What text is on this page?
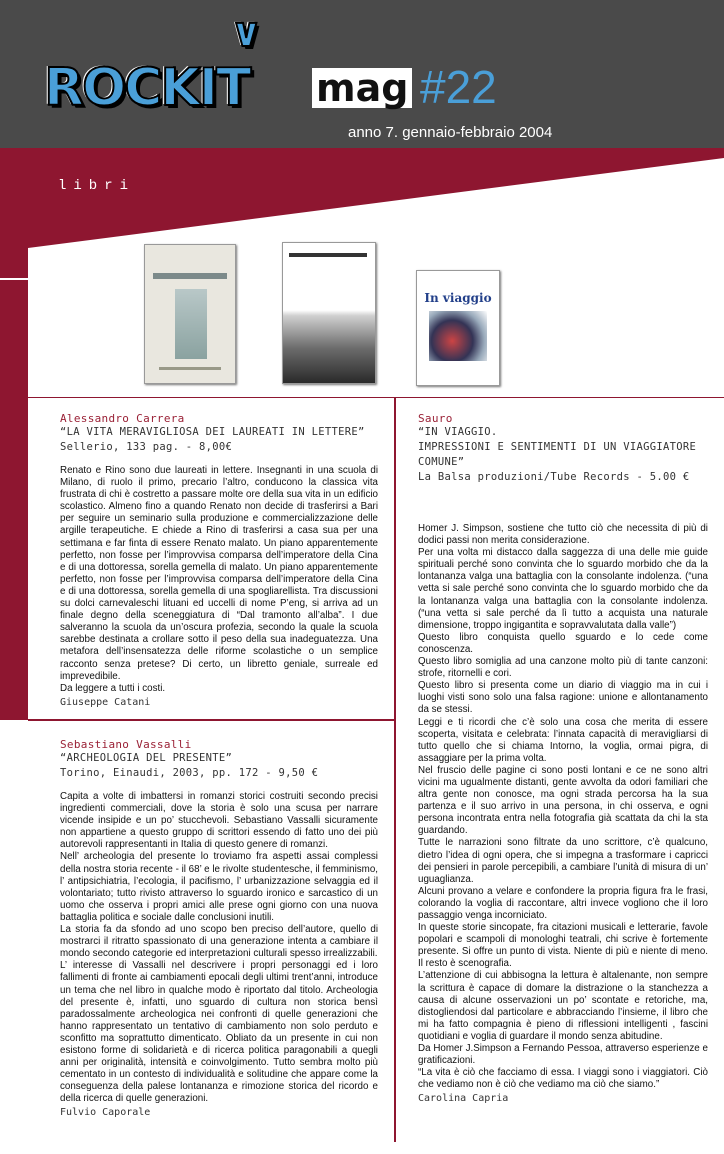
ROCKIT
∨
mag #22
anno 7. gennaio-febbraio 2004
libri
In viaggio
Alessandro Carrera
“LA VITA MERAVIGLIOSA DEI LAUREATI IN LETTERE”
Sellerio, 133 pag. - 8,00€

Renato e Rino sono due laureati in lettere. Insegnanti in una scuola di Milano, di ruolo il primo, precario l’altro, conducono la classica vita frustrata di chi è costretto a passare molte ore della sua vita in un edificio scolastico. Almeno fino a quando Renato non decide di trasferirsi a Bari per seguire un seminario sulla produzione e commercializzazione delle argille terapeutiche. E chiede a Rino di trasferirsi a casa sua per una settimana e far finta di essere Renato malato. Un piano apparentemente perfetto, non fosse per l’improvvisa comparsa dell’imperatore della Cina e di una dottoressa, sorella gemella di malato. Un piano apparentemente perfetto, non fosse per l’improvvisa comparsa dell’imperatore della Cina e di una dottoressa, sorella gemella di una spogliarellista. Tra discussioni su dolci carnevaleschi lituani ed uccelli di nome P’eng, si arriva ad un finale degno della sceneggiatura di “Dal tramonto all’alba”. I due salveranno la scuola da un’oscura profezia, secondo la quale la scuola sarebbe destinata a crollare sotto il peso della sua inadeguatezza. Una metafora dell’insensatezza delle riforme scolastiche o un semplice racconto senza pretese? Di certo, un libretto geniale, surreale ed imprevedibile.

Da leggere a tutti i costi.

Giuseppe Catani
Sebastiano Vassalli
“ARCHEOLOGIA DEL PRESENTE”
Torino, Einaudi, 2003, pp. 172 - 9,50 €

Capita a volte di imbattersi in romanzi storici costruiti secondo precisi ingredienti commerciali, dove la storia è solo una scusa per narrare vicende insipide e un po’ stucchevoli. Sebastiano Vassalli sicuramente non appartiene a questo gruppo di scrittori essendo di fatto uno dei più autorevoli rappresentanti in Italia di questo genere di romanzi.

Nell’ archeologia del presente lo troviamo fra aspetti assai complessi della nostra storia recente - il 68’ e le rivolte studentesche, il femminismo, l’ antipsichiatria, l’ecologia, il pacifismo, l’ urbanizzazione selvaggia ed il volontariato; tutto rivisto attraverso lo sguardo ironico e sarcastico di un uomo che osserva i propri amici alle prese ogni giorno con una nuova battaglia politica e sociale dalle conclusioni inutili.

La storia fa da sfondo ad uno scopo ben preciso dell’autore, quello di mostrarci il ritratto spassionato di una generazione intenta a cambiare il mondo secondo categorie ed interpretazioni culturali spesso irrealizzabili.

L’ interesse di Vassalli nel descrivere i propri personaggi ed i loro fallimenti di fronte ai cambiamenti epocali degli ultimi trent’anni, introduce un tema che nel libro in qualche modo è riportato dal titolo. Archeologia del presente è, infatti, uno sguardo di cultura non storica bensì paradossalmente archeologica nei confronti di quelle generazioni che hanno rappresentato un tentativo di cambiamento non solo perduto e sconfitto ma soprattutto dimenticato. Obliato da un presente in cui non esistono forme di solidarietà e di ricerca politica paragonabili a quegli anni per originalità, intensità e coinvolgimento. Tutto sembra molto più cementato in un contesto di individualità e solitudine che appare come la conseguenza della palese lontananza e rimozione storica del ricordo e della ricerca di quelle generazioni.

Fulvio Caporale
Sauro
“IN VIAGGIO.
IMPRESSIONI E SENTIMENTI DI UN VIAGGIATORE COMUNE”
La Balsa produzioni/Tube Records - 5.00 €

Homer J. Simpson, sostiene che tutto ciò che necessita di più di dodici passi non merita considerazione.

Per una volta mi distacco dalla saggezza di una delle mie guide spirituali perché sono convinta che lo sguardo morbido che da la lontananza valga una battaglia con la consolante indolenza. (“una vetta si sale perché sono convinta che lo sguardo morbido che da la lontananza valga una battaglia con la consolante indolenza. (“una vetta si sale perché da lì tutto a acquista una naturale dimensione, troppo ingigantita e sopravvalutata dalla valle”)

Questo libro conquista quello sguardo e lo cede come conoscenza.

Questo libro somiglia ad una canzone molto più di tante canzoni: strofe, ritornelli e cori.

Questo libro si presenta come un diario di viaggio ma in cui i luoghi visti sono solo una falsa ragione: unione e allontanamento da se stessi.

Leggi e ti ricordi che c’è solo una cosa che merita di essere scoperta, visitata e celebrata: l’innata capacità di meravigliarsi di tutto quello che si chiama Intorno, la voglia, ormai pigra, di assaggiare per la prima volta.

Nel fruscio delle pagine ci sono posti lontani e ce ne sono altri vicini ma ugualmente distanti, gente avvolta da odori familiari che altra gente non conosce, ma ogni strada percorsa ha la sua partenza e il suo arrivo in una persona, in chi osserva, e ogni persona incontrata entra nella fotografia già scattata da chi la sta guardando.

Tutte le narrazioni sono filtrate da uno scrittore, c’è qualcuno, dietro l’idea di ogni opera, che si impegna a trasformare i capricci dei pensieri in parole percepibili, a cambiare l’unità di misura di un’ uguaglianza.

Alcuni provano a velare e confondere la propria figura fra le frasi, colorando la voglia di raccontare, altri invece vogliono che il loro passaggio venga incorniciato.

In queste storie sincopate, fra citazioni musicali e letterarie, favole popolari e scampoli di monologhi teatrali, chi scrive è fortemente presente. Si offre un punto di vista. Niente di più e niente di meno. Il resto è scenografia.

L’attenzione di cui abbisogna la lettura è altalenante, non sempre la scrittura è capace di domare la distrazione o la stanchezza a causa di alcune osservazioni un po’ scontate e retoriche, ma, distogliendosi dal particolare e abbracciando l’insieme, il libro che mi ha fatto compagnia è pieno di riflessioni intelligenti , fascini quotidiani e voglia di guardare il mondo senza abitudine.

Da Homer J.Simpson a Fernando Pessoa, attraverso esperienze e gratificazioni.

“La vita è ciò che facciamo di essa. I viaggi sono i viaggiatori. Ciò che vediamo non è ciò che vediamo ma ciò che siamo.”

Carolina Capria
